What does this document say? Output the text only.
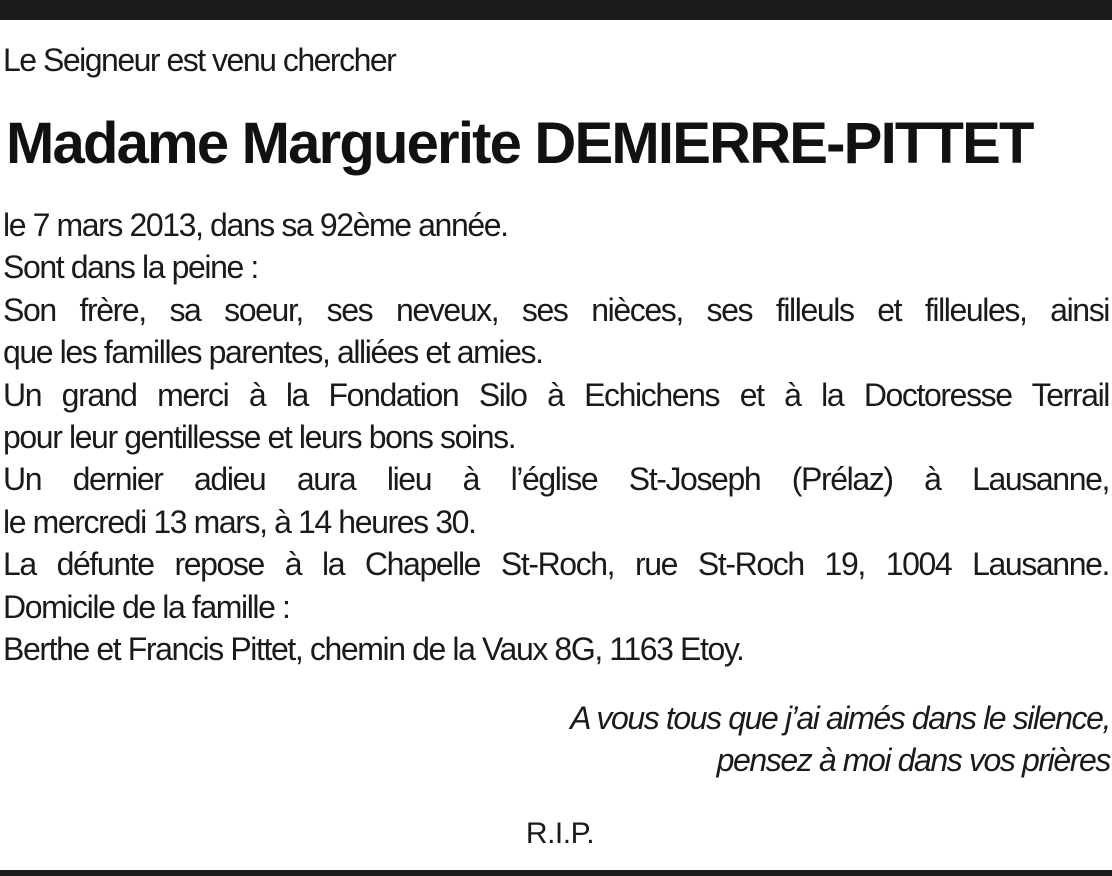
Le Seigneur est venu chercher
Madame Marguerite DEMIERRE-PITTET
le 7 mars 2013, dans sa 92ème année.
Sont dans la peine :
Son frère, sa soeur, ses neveux, ses nièces, ses filleuls et filleules, ainsi
que les familles parentes, alliées et amies.
Un grand merci à la Fondation Silo à Echichens et à la Doctoresse Terrail
pour leur gentillesse et leurs bons soins.
Un dernier adieu aura lieu à l’église St-Joseph (Prélaz) à Lausanne,
le mercredi 13 mars, à 14 heures 30.
La défunte repose à la Chapelle St-Roch, rue St-Roch 19, 1004 Lausanne.
Domicile de la famille :
Berthe et Francis Pittet, chemin de la Vaux 8G, 1163 Etoy.
A vous tous que j’ai aimés dans le silence,
pensez à moi dans vos prières
R.I.P.
